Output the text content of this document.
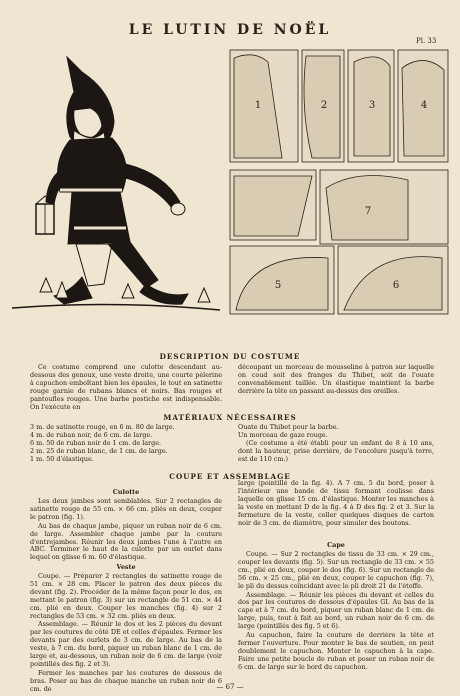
LE LUTIN DE NOËL
Pl. 33
1	2	3	4
5	6
7
DESCRIPTION DU COSTUME

Ce costume comprend une culotte descendant au-dessous des genoux, une veste droite, une courte pèlerine à capuchon emboîtant bien les épaules, le tout en satinette rouge garnie de rubans blancs et noirs. Bas rouges et pantoufles rouges. Une barbe postiche est indispensable. On l'exécute en

découpant un morceau de mousseline à patron sur laquelle on coud soit des franges du Thibet, soit de l'ouate convenablement taillée. Un élastique maintient la barbe derrière la tête en passant au-dessus des oreilles.

MATÉRIAUX NÉCESSAIRES
3 m. de satinette rouge, en 6 m. 80 de large.
4 m. de ruban noir, de 6 cm. de large.
6 m. 50 de ruban noir de 1 cm. de large.
2 m. 25 de ruban blanc, de 1 cm. de large.
1 m. 50 d'élastique.
Ouate du Thibet pour la barbe.
Un morceau de gaze rouge.

(Ce costume a été établi pour un enfant de 8 à 10 ans, dont la hauteur, prise derrière, de l'encolure jusqu'à terre, est de 110 cm.)

COUPE ET ASSEMBLAGE
Culotte

Les deux jambes sont semblables. Sur 2 rectangles de satinette rouge de 55 cm. × 66 cm. pliés en deux, couper le patron (fig. 1).

Au bas de chaque jambe, piquer un ruban noir de 6 cm. de large. Assembler chaque jambe par la couture d'entrejambes. Réunir les deux jambes l'une à l'autre en ABC. Terminer le haut de la culotte par un ourlet dans lequel on glisse 6 m. 60 d'élastique.

Veste

Coupe. — Préparer 2 rectangles de satinette rouge de 51 cm. × 28 cm. Placer le patron des deux pièces du devant (fig. 2). Procéder de la même façon pour le dos, en mettant le patron (fig. 3) sur un rectangle de 51 cm. × 44 cm. plié en deux. Couper les manches (fig. 4) sur 2 rectangles de 53 cm. × 32 cm. pliés en deux.

Assemblage. — Réunir le dos et les 2 pièces du devant par les coutures de côté DE et celles d'épaules. Fermer les devants par des ourlets de 3 cm. de large. Au bas de la veste, à 7 cm. du bord, piquer un ruban blanc de 1 cm. de large et, au-dessous, un ruban noir de 6 cm. de large (voir pointillés des fig. 2 et 3).

Fermer les manches par les coutures de dessous de bras. Poser au bas de chaque manche un ruban noir de 6 cm. de

large (pointillé de la fig. 4). A 7 cm. 5 du bord, poser à l'intérieur une bande de tissu formant coulisse dans laquelle on glisse 15 cm. d'élastique. Monter les manches à la veste en mettant D de la fig. 4 à D des fig. 2 et 3. Sur la fermeture de la veste, coller quelques disques de carton noir de 3 cm. de diamètre, pour simuler des boutons.

Cape

Coupe. — Sur 2 rectangles de tissu de 33 cm. × 29 cm., couper les devants (fig. 5). Sur un rectangle de 33 cm. × 55 cm., plié en deux, couper le dos (fig. 6). Sur un rectangle de 56 cm. × 25 cm., plié en deux, couper le capuchon (fig. 7), le pli du dessus coïncidant avec le pli droit 21 de l'étoffe.

Assemblage. — Réunir les pièces du devant et celles du dos par les coutures de dessous d'épaules GI. Au bas de la cape et à 7 cm. du bord, piquer un ruban blanc de 1 cm. de large, puis, tout à fait au bord, un ruban noir de 6 cm. de large (pointillés des fig. 5 et 6).

Au capuchon, faire la couture de derrière la tête et fermer l'ouverture. Pour monter le bas de soutien, on peut doublement le capuchon. Monter le capuchon à la cape. Faire une petite boucle de ruban et poser un ruban noir de 6 cm. de large sur le bord du capuchon.

— 67 —
